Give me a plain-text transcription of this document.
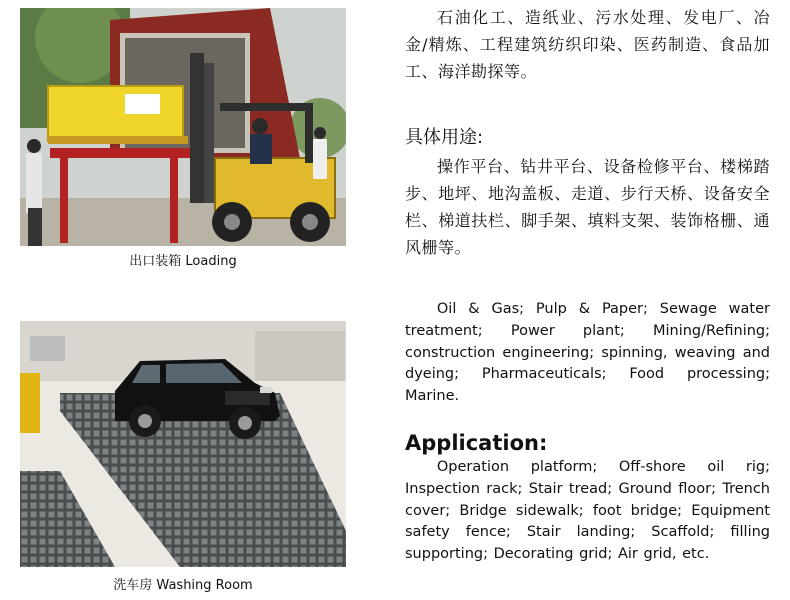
出口装箱 Loading
洗车房 Washing Room

石油化工、造纸业、污水处理、发电厂、冶金/精炼、工程建筑纺织印染、医药制造、食品加工、海洋勘探等。

具体用途:

操作平台、钻井平台、设备检修平台、楼梯踏步、地坪、地沟盖板、走道、步行天桥、设备安全栏、梯道扶栏、脚手架、填料支架、装饰格栅、通风栅等。

Oil & Gas; Pulp & Paper; Sewage water treatment; Power plant; Mining/Refining; construction engineering; spinning, weaving and dyeing; Pharmaceuticals; Food processing; Marine.

Application:

Operation platform; Off-shore oil rig; Inspection rack; Stair tread; Ground floor; Trench cover; Bridge sidewalk; foot bridge; Equipment safety fence; Stair landing; Scaffold; filling supporting; Decorating grid; Air grid, etc.
